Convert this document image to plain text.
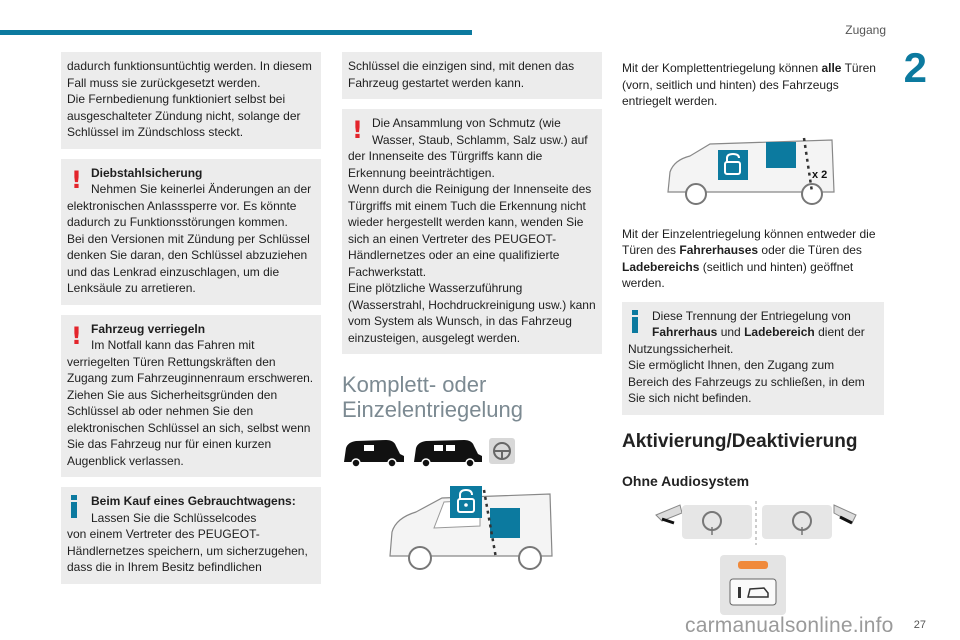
Zugang
2
dadurch funktionsuntüchtig werden. In diesem Fall muss sie zurückgesetzt werden.
Die Fernbedienung funktioniert selbst bei ausgeschalteter Zündung nicht, solange der Schlüssel im Zündschloss steckt.
! Diebstahlsicherung
Nehmen Sie keinerlei Änderungen an der
elektronischen Anlasssperre vor. Es könnte dadurch zu Funktionsstörungen kommen.
Bei den Versionen mit Zündung per Schlüssel denken Sie daran, den Schlüssel abzuziehen und das Lenkrad einzuschlagen, um die Lenksäule zu arretieren.
! Fahrzeug verriegeln
Im Notfall kann das Fahren mit
verriegelten Türen Rettungskräften den Zugang zum Fahrzeuginnenraum erschweren.
Ziehen Sie aus Sicherheitsgründen den Schlüssel ab oder nehmen Sie den elektronischen Schlüssel an sich, selbst wenn Sie das Fahrzeug nur für einen kurzen Augenblick verlassen.
Beim Kauf eines Gebrauchtwagens:
Lassen Sie die Schlüsselcodes
von einem Vertreter des PEUGEOT-Händlernetzes speichern, um sicherzugehen, dass die in Ihrem Besitz befindlichen
Schlüssel die einzigen sind, mit denen das Fahrzeug gestartet werden kann.
! Die Ansammlung von Schmutz (wie
Wasser, Staub, Schlamm, Salz usw.) auf
der Innenseite des Türgriffs kann die Erkennung beeinträchtigen.
Wenn durch die Reinigung der Innenseite des Türgriffs mit einem Tuch die Erkennung nicht wieder hergestellt werden kann, wenden Sie sich an einen Vertreter des PEUGEOT-Händlernetzes oder an eine qualifizierte Fachwerkstatt.
Eine plötzliche Wasserzuführung (Wasserstrahl, Hochdruckreinigung usw.) kann vom System als Wunsch, in das Fahrzeug einzusteigen, ausgelegt werden.
Komplett- oder Einzelentriegelung
Mit der Komplettentriegelung können alle Türen (vorn, seitlich und hinten) des Fahrzeugs entriegelt werden.
x 2
Mit der Einzelentriegelung können entweder die Türen des Fahrerhauses oder die Türen des Ladebereichs (seitlich und hinten) geöffnet werden.
Diese Trennung der Entriegelung von
Fahrerhaus und Ladebereich dient der
Nutzungssicherheit.
Sie ermöglicht Ihnen, den Zugang zum Bereich des Fahrzeugs zu schließen, in dem Sie sich nicht befinden.
Aktivierung/Deaktivierung
Ohne Audiosystem
27
carmanualsonline.info
